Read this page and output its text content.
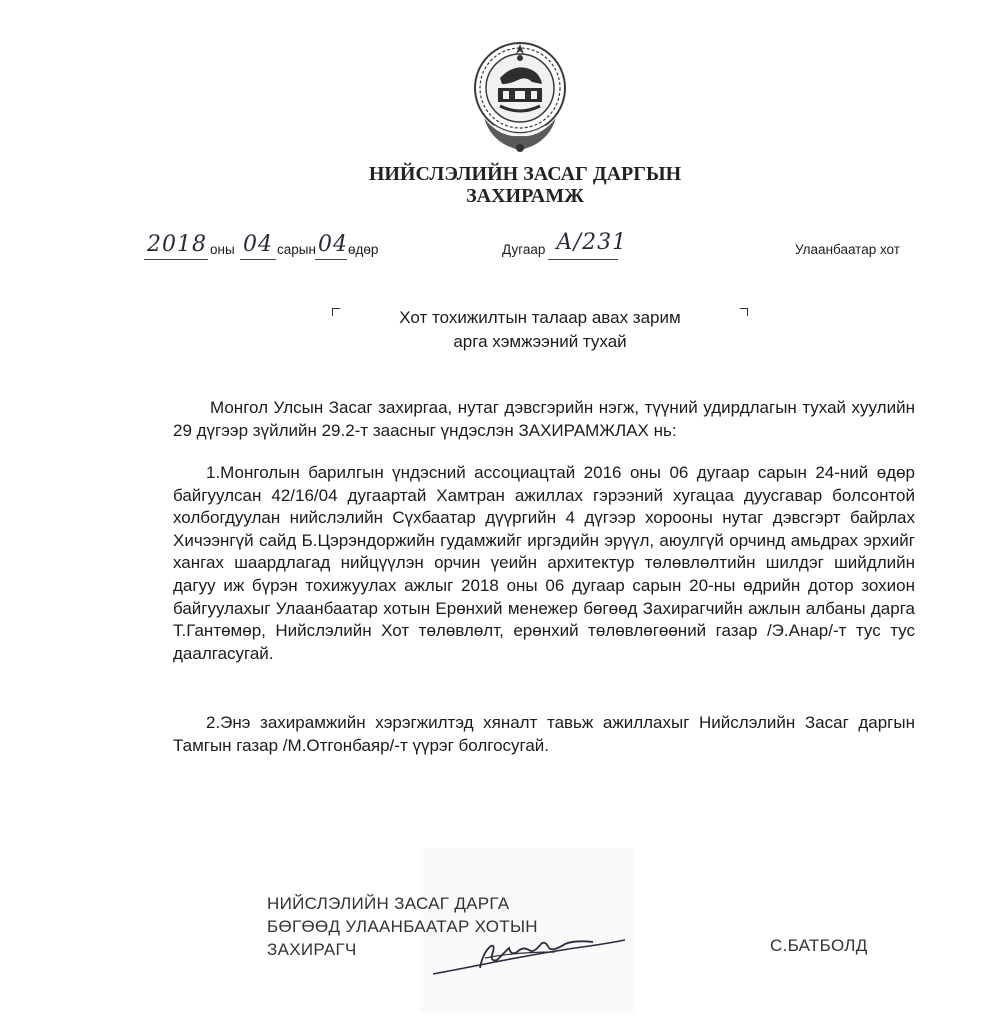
НИЙСЛЭЛИЙН ЗАСАГ ДАРГЫН
ЗАХИРАМЖ
2018 оны 04 сарын 04 өдөр	Дугаар А/231	Улаанбаатар хот
Хот тохижилтын талаар авах зарим
арга хэмжээний тухай

Монгол Улсын Засаг захиргаа, нутаг дэвсгэрийн нэгж, түүний удирдлагын тухай хуулийн 29 дүгээр зүйлийн 29.2-т заасныг үндэслэн ЗАХИРАМЖЛАХ нь:

1.Монголын барилгын үндэсний ассоциацтай 2016 оны 06 дугаар сарын 24-ний өдөр байгуулсан 42/16/04 дугаартай Хамтран ажиллах гэрээний хугацаа дуусгавар болсонтой холбогдуулан нийслэлийн Сүхбаатар дүүргийн 4 дүгээр хорооны нутаг дэвсгэрт байрлах Хичээнгүй сайд Б.Цэрэндоржийн гудамжийг иргэдийн эрүүл, аюулгүй орчинд амьдрах эрхийг хангах шаардлагад нийцүүлэн орчин үеийн архитектур төлөвлөлтийн шилдэг шийдлийн дагуу иж бүрэн тохижуулах ажлыг 2018 оны 06 дугаар сарын 20-ны өдрийн дотор зохион байгуулахыг Улаанбаатар хотын Ерөнхий менежер бөгөөд Захирагчийн ажлын албаны дарга Т.Гантөмөр, Нийслэлийн Хот төлөвлөлт, ерөнхий төлөвлөгөөний газар /Э.Анар/-т тус тус даалгасугай.

2.Энэ захирамжийн хэрэгжилтэд хяналт тавьж ажиллахыг Нийслэлийн Засаг даргын Тамгын газар /М.Отгонбаяр/-т үүрэг болгосугай.

НИЙСЛЭЛИЙН ЗАСАГ ДАРГА
БӨГӨӨД УЛААНБААТАР ХОТЫН
ЗАХИРАГЧ	С.БАТБОЛД
